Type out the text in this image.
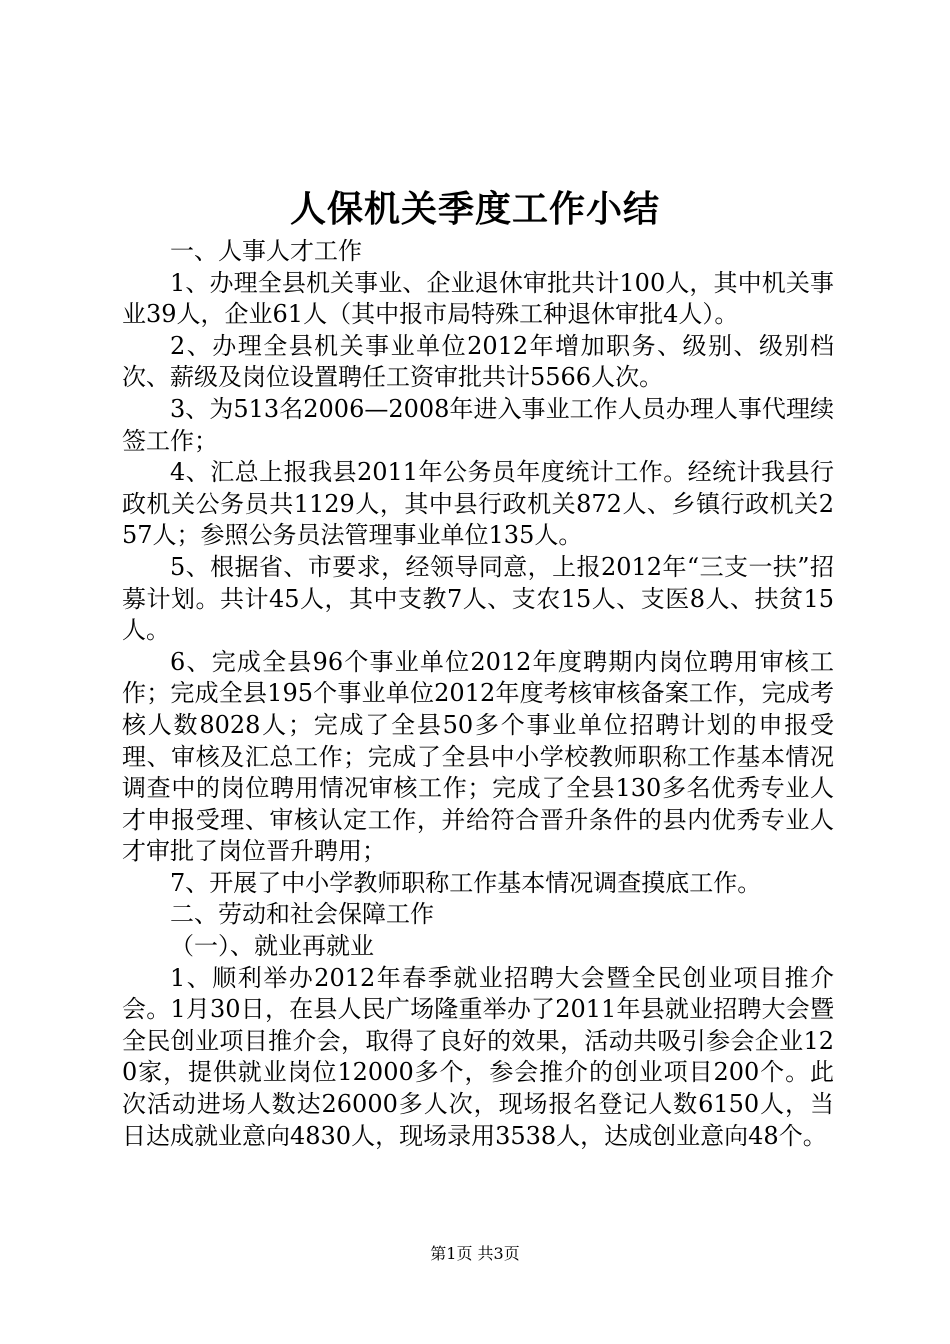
人保机关季度工作小结

一、人事人才工作

1、办理全县机关事业、企业退休审批共计100人，其中机关事业39人，企业61人（其中报市局特殊工种退休审批4人）。

2、办理全县机关事业单位2012年增加职务、级别、级别档次、薪级及岗位设置聘任工资审批共计5566人次。

3、为513名2006—2008年进入事业工作人员办理人事代理续签工作；

4、汇总上报我县2011年公务员年度统计工作。经统计我县行政机关公务员共1129人，其中县行政机关872人、乡镇行政机关257人；参照公务员法管理事业单位135人。

5、根据省、市要求，经领导同意，上报2012年“三支一扶”招募计划。共计45人，其中支教7人、支农15人、支医8人、扶贫15人。

6、完成全县96个事业单位2012年度聘期内岗位聘用审核工作；完成全县195个事业单位2012年度考核审核备案工作，完成考核人数8028人；完成了全县50多个事业单位招聘计划的申报受理、审核及汇总工作；完成了全县中小学校教师职称工作基本情况调查中的岗位聘用情况审核工作；完成了全县130多名优秀专业人才申报受理、审核认定工作，并给符合晋升条件的县内优秀专业人才审批了岗位晋升聘用；

7、开展了中小学教师职称工作基本情况调查摸底工作。

二、劳动和社会保障工作

（一）、就业再就业

1、顺利举办2012年春季就业招聘大会暨全民创业项目推介会。1月30日，在县人民广场隆重举办了2011年县就业招聘大会暨全民创业项目推介会，取得了良好的效果，活动共吸引参会企业120家，提供就业岗位12000多个，参会推介的创业项目200个。此次活动进场人数达26000多人次，现场报名登记人数6150人，当日达成就业意向4830人，现场录用3538人，达成创业意向48个。

第1页 共3页
